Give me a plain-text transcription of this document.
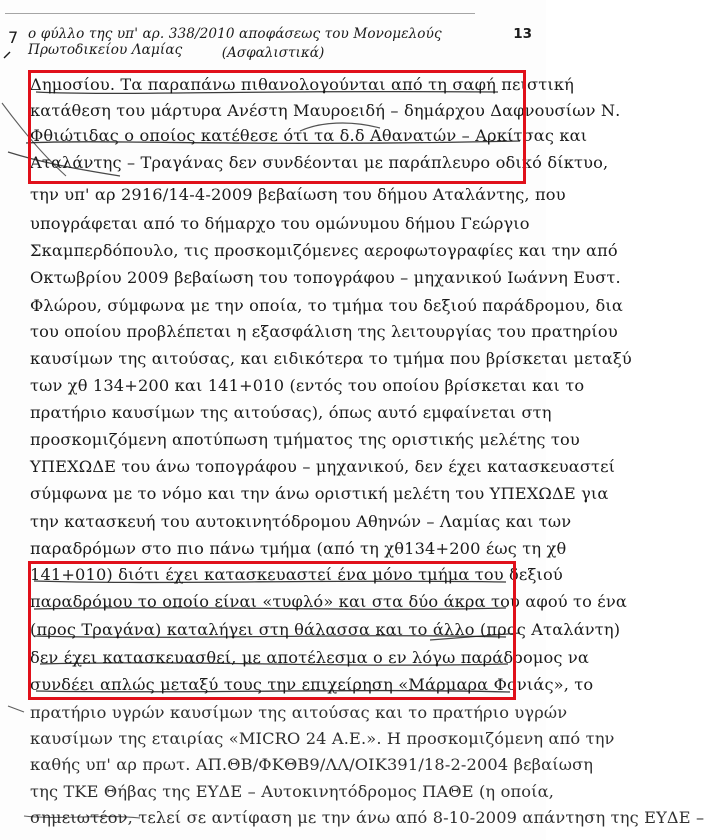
7 ο φύλλο της υπ' αρ. 338/2010 αποφάσεως του Μονομελούς Πρωτοδικείου Λαμίας
13
(Ασφαλιστικά)
Δημοσίου. Τα παραπάνω πιθανολογούνται από τη σαφή πειστική
κατάθεση του μάρτυρα Ανέστη Μαυροειδή – δημάρχου Δαφνουσίων Ν.
Φθιώτιδας ο οποίος κατέθεσε ότι τα δ.δ Αθανατών – Αρκίτσας και
Αταλάντης – Τραγάνας δεν συνδέονται με παράπλευρο οδικό δίκτυο,
την υπ' αρ 2916/14-4-2009 βεβαίωση του δήμου Αταλάντης, που
υπογράφεται από το δήμαρχο του ομώνυμου δήμου Γεώργιο
Σκαμπερδόπουλο, τις προσκομιζόμενες αεροφωτογραφίες και την από
Οκτωβρίου 2009 βεβαίωση του τοπογράφου – μηχανικού Ιωάννη Ευστ.
Φλώρου, σύμφωνα με την οποία, το τμήμα του δεξιού παράδρομου, δια
του οποίου προβλέπεται η εξασφάλιση της λειτουργίας του πρατηρίου
καυσίμων της αιτούσας, και ειδικότερα το τμήμα που βρίσκεται μεταξύ
των χθ 134+200 και 141+010 (εντός του οποίου βρίσκεται και το
πρατήριο καυσίμων της αιτούσας), όπως αυτό εμφαίνεται στη
προσκομιζόμενη αποτύπωση τμήματος της οριστικής μελέτης του
ΥΠΕΧΩΔΕ του άνω τοπογράφου – μηχανικού, δεν έχει κατασκευαστεί
σύμφωνα με το νόμο και την άνω οριστική μελέτη του ΥΠΕΧΩΔΕ για
την κατασκευή του αυτοκινητόδρομου Αθηνών – Λαμίας και των
παραδρόμων στο πιο πάνω τμήμα (από τη χθ134+200 έως τη χθ
141+010) διότι έχει κατασκευαστεί ένα μόνο τμήμα του δεξιού
παραδρόμου το οποίο είναι «τυφλό» και στα δύο άκρα του αφού το ένα
(προς Τραγάνα) καταλήγει στη θάλασσα και το άλλο (προς Αταλάντη)
δεν έχει κατασκευασθεί, με αποτέλεσμα ο εν λόγω παράδρομος να
συνδέει απλώς μεταξύ τους την επιχείρηση «Μάρμαρα Φονιάς», το
πρατήριο υγρών καυσίμων της αιτούσας και το πρατήριο υγρών
καυσίμων της εταιρίας «MICRO 24 Α.Ε.». Η προσκομιζόμενη από την
καθής υπ' αρ πρωτ. ΑΠ.ΘΒ/ΦΚΘΒ9/ΛΛ/ΟΙΚ391/18-2-2004 βεβαίωση
της ΤΚΕ Θήβας της ΕΥΔΕ – Αυτοκινητόδρομος ΠΑΘΕ (η οποία,
σημειωτέον, τελεί σε αντίφαση με την άνω από 8-10-2009 απάντηση της ΕΥΔΕ –
